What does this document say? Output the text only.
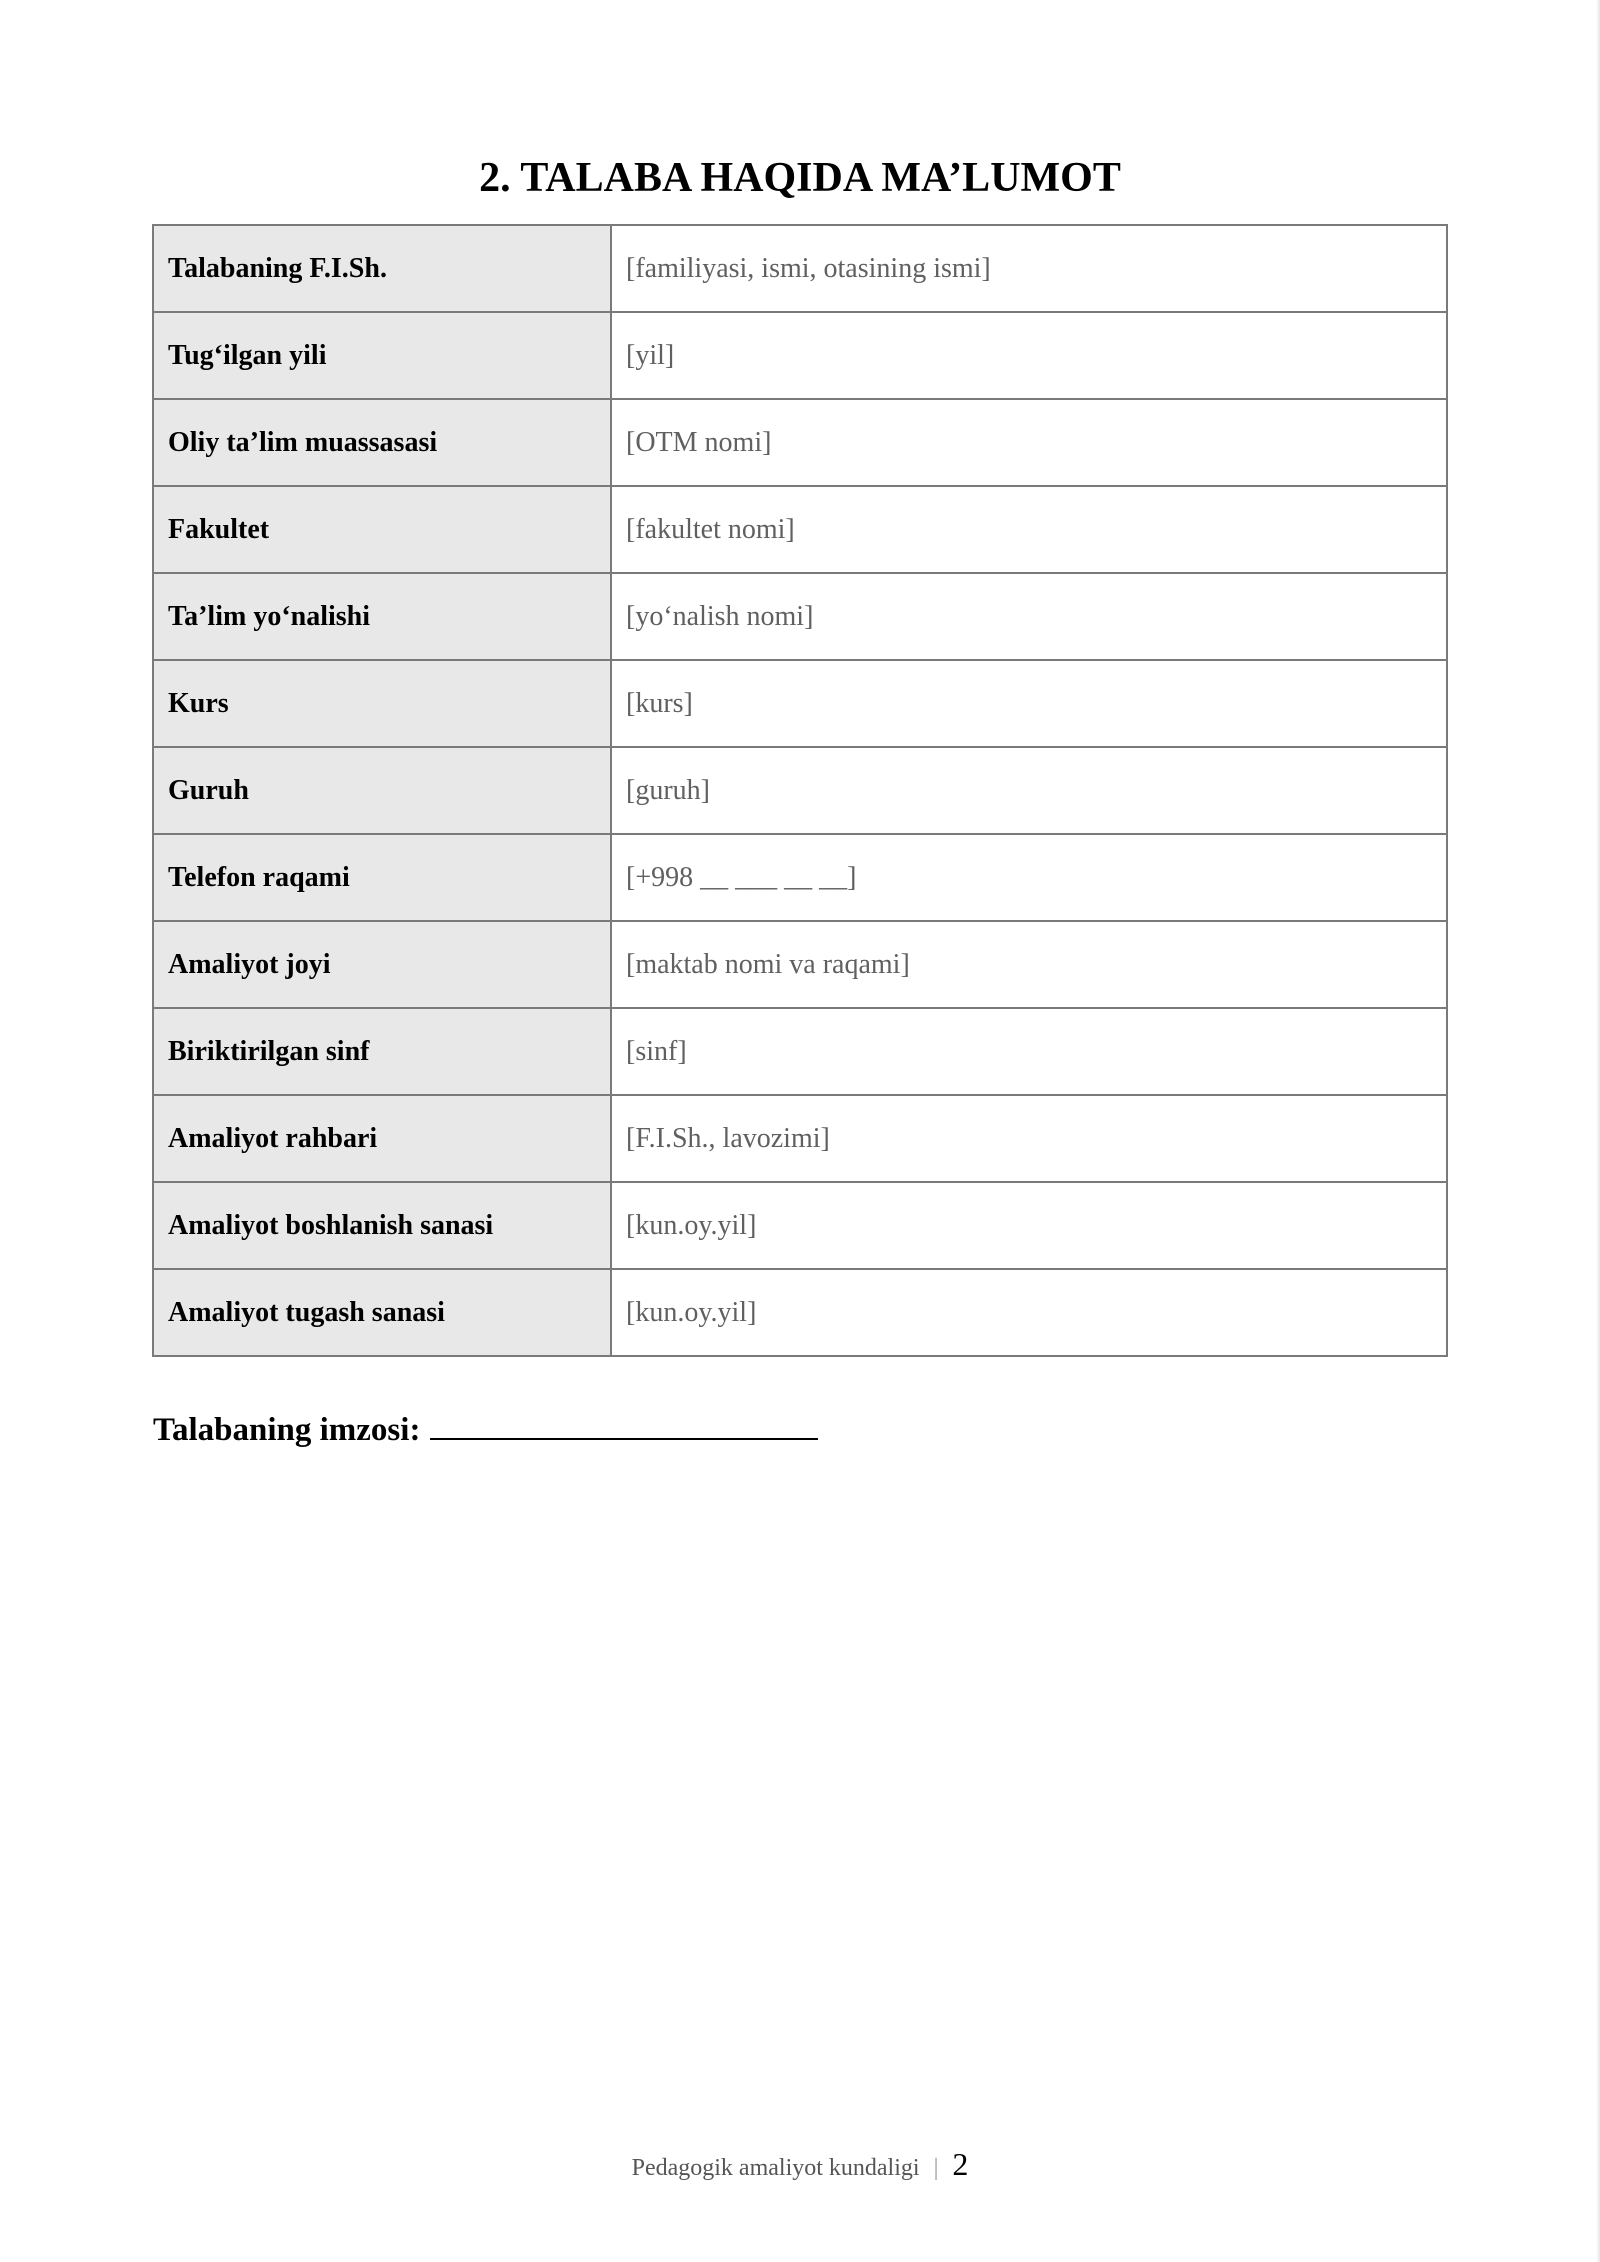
2. TALABA HAQIDA MA’LUMOT
Talabaning F.I.Sh.	[familiyasi, ismi, otasining ismi]
Tug‘ilgan yili	[yil]
Oliy ta’lim muassasasi	[OTM nomi]
Fakultet	[fakultet nomi]
Ta’lim yo‘nalishi	[yo‘nalish nomi]
Kurs	[kurs]
Guruh	[guruh]
Telefon raqami	[+998 __ ___ __ __]
Amaliyot joyi	[maktab nomi va raqami]
Biriktirilgan sinf	[sinf]
Amaliyot rahbari	[F.I.Sh., lavozimi]
Amaliyot boshlanish sanasi	[kun.oy.yil]
Amaliyot tugash sanasi	[kun.oy.yil]
Talabaning imzosi:
Pedagogik amaliyot kundaligi | 2
